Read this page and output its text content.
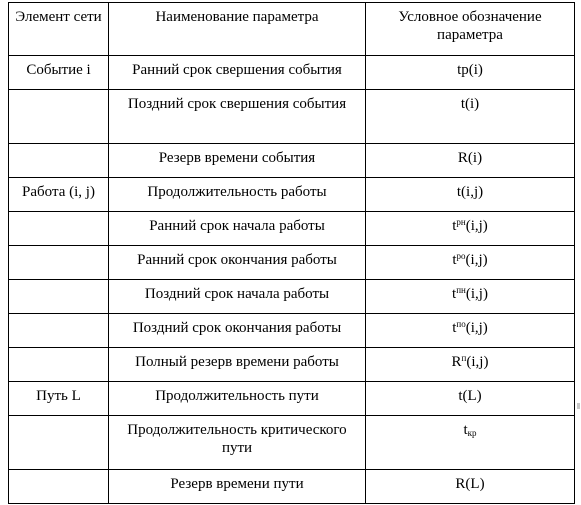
Элемент сети	Наименование параметра	Условное обозначение параметра
Событие i	Ранний срок свершения события	tр(i)
	Поздний срок свершения события	t(i)
	Резерв времени события	R(i)
Работа (i, j)	Продолжительность работы	t(i,j)
	Ранний срок начала работы	$t^{рн}(i,j)$
	Ранний срок окончания работы	$t^{ро}(i,j)$
	Поздний срок начала работы	$t^{пн}(i,j)$
	Поздний срок окончания работы	$t^{по}(i,j)$
	Полный резерв времени работы	$R^п(i,j)$
Путь L	Продолжительность пути	t(L)
	Продолжительность критического пути	$t_{кр}$
	Резерв времени пути	R(L)
